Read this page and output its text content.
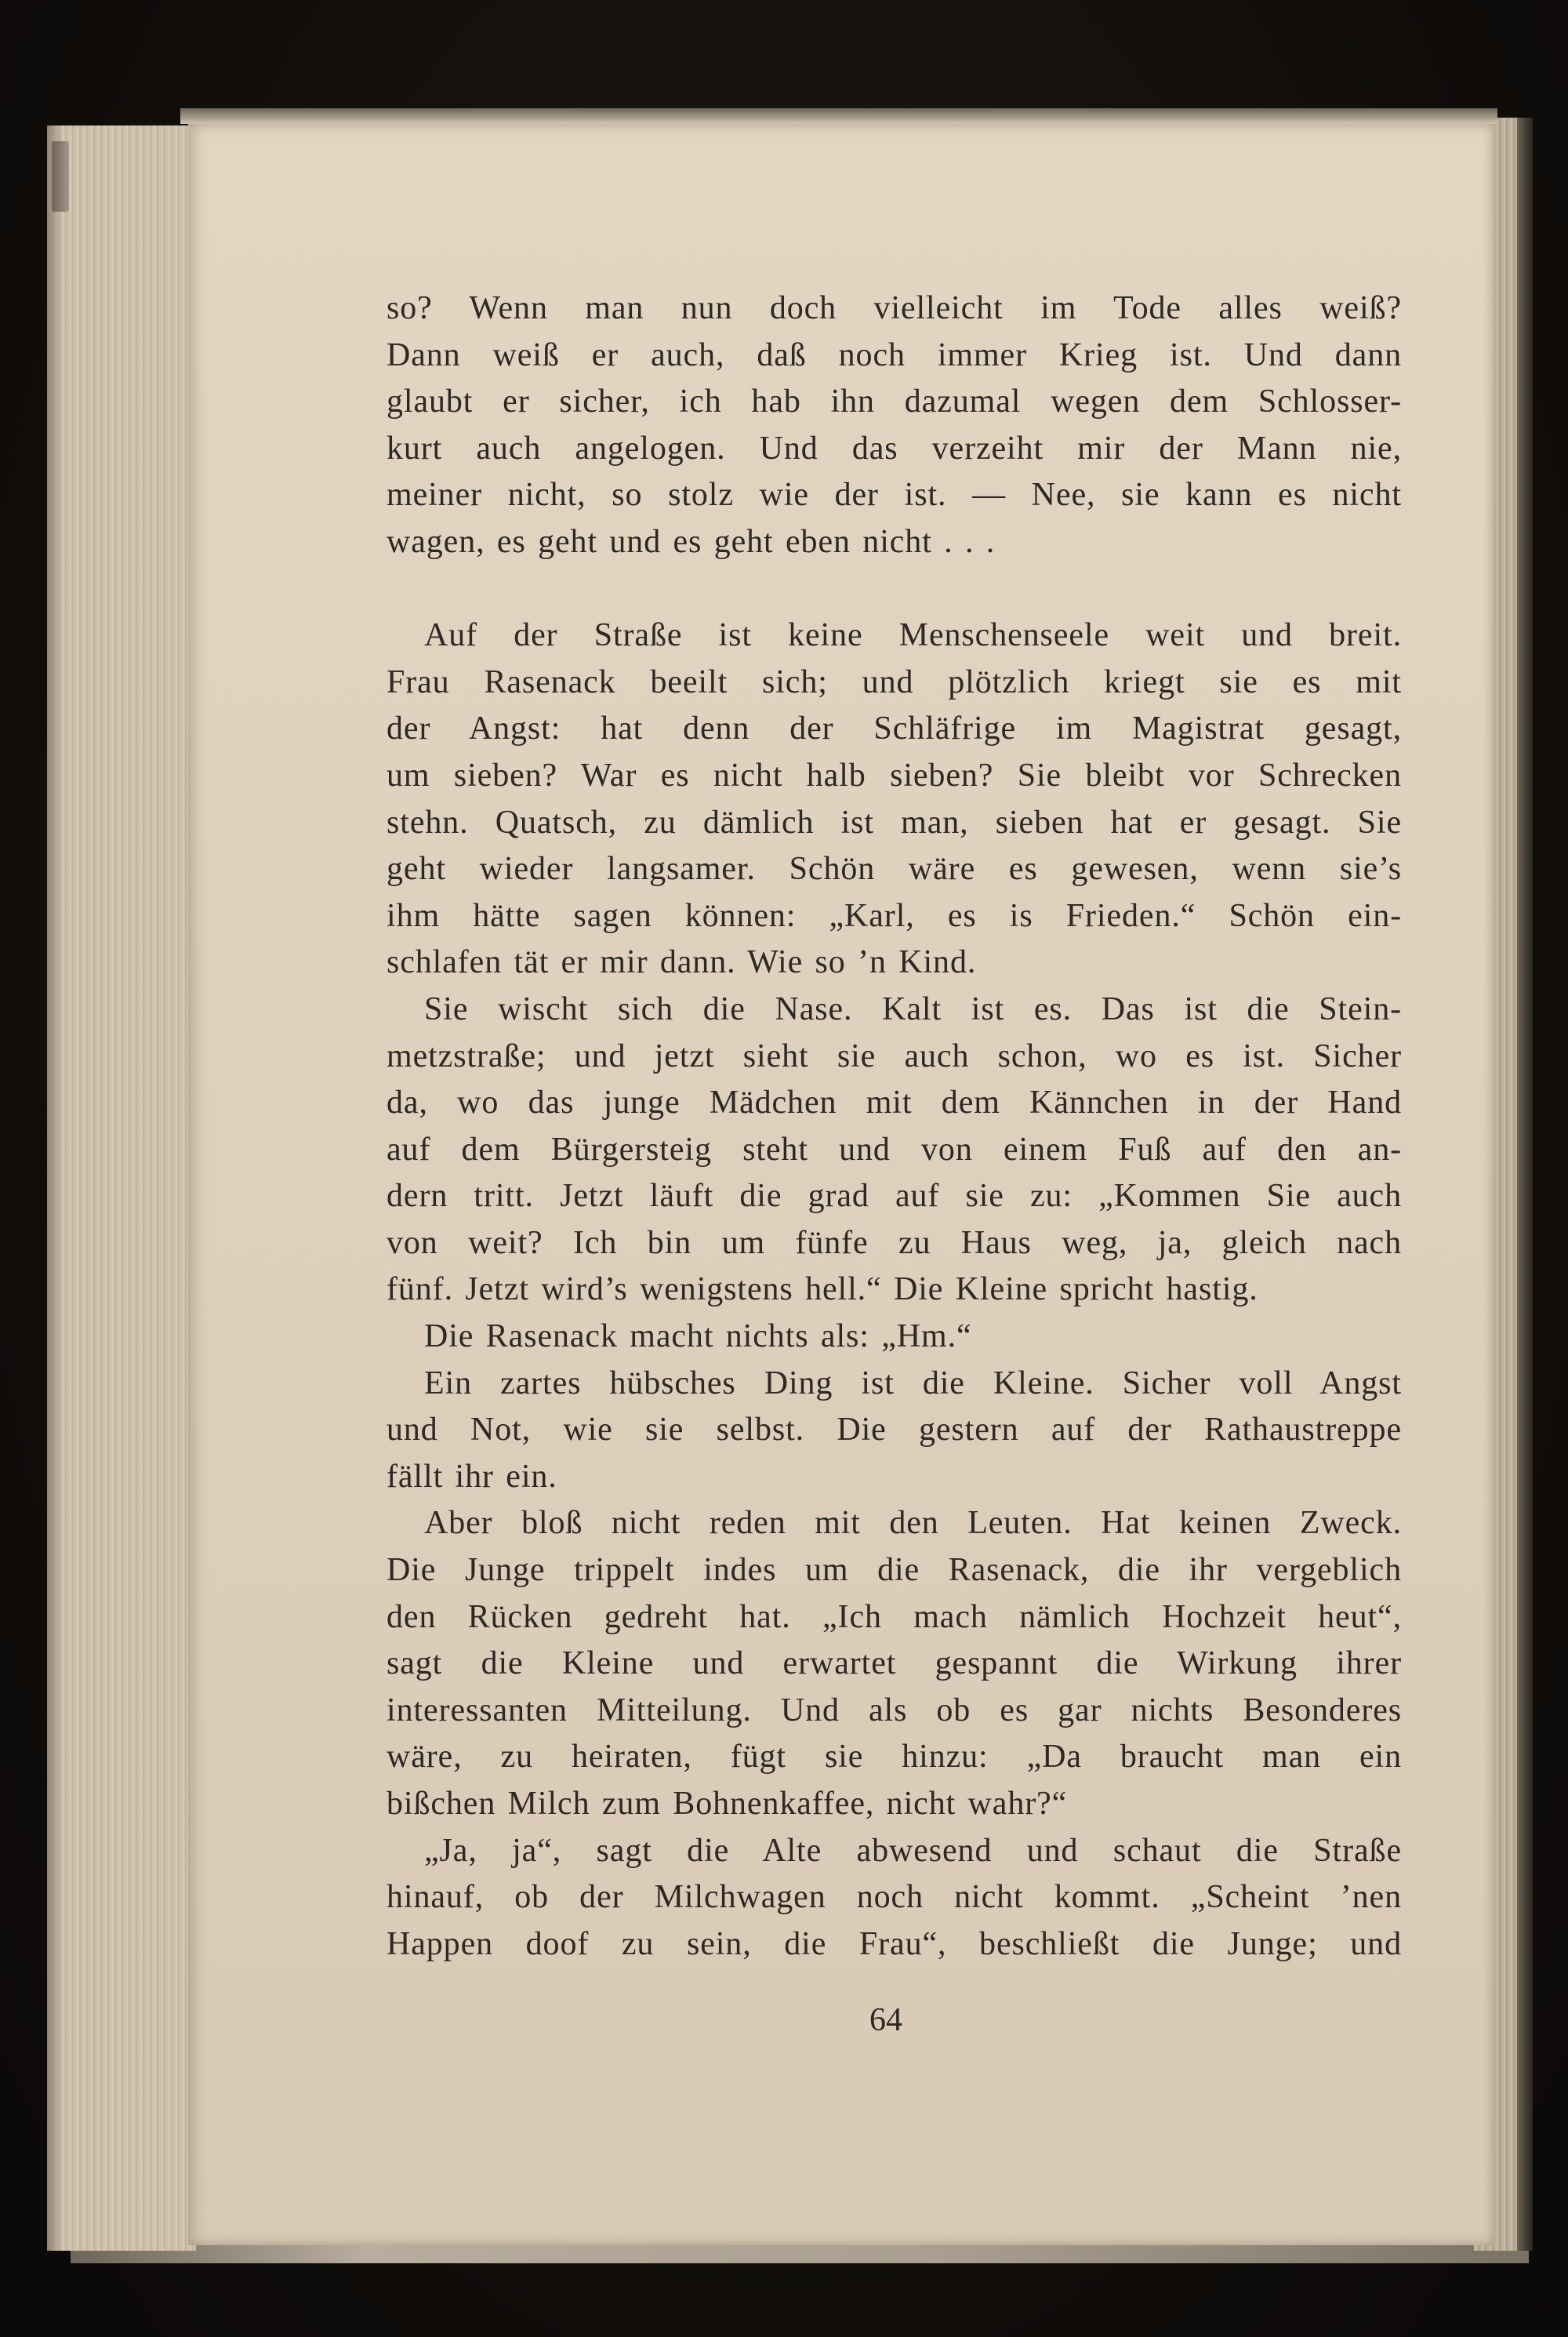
so? Wenn man nun doch vielleicht im Tode alles weiß?
Dann weiß er auch, daß noch immer Krieg ist. Und dann
glaubt er sicher, ich hab ihn dazumal wegen dem Schlosser-
kurt auch angelogen. Und das verzeiht mir der Mann nie,
meiner nicht, so stolz wie der ist. — Nee, sie kann es nicht
wagen, es geht und es geht eben nicht . . .
Auf der Straße ist keine Menschenseele weit und breit.
Frau Rasenack beeilt sich; und plötzlich kriegt sie es mit
der Angst: hat denn der Schläfrige im Magistrat gesagt,
um sieben? War es nicht halb sieben? Sie bleibt vor Schrecken
stehn. Quatsch, zu dämlich ist man, sieben hat er gesagt. Sie
geht wieder langsamer. Schön wäre es gewesen, wenn sie’s
ihm hätte sagen können: „Karl, es is Frieden.“ Schön ein-
schlafen tät er mir dann. Wie so ’n Kind.
Sie wischt sich die Nase. Kalt ist es. Das ist die Stein-
metzstraße; und jetzt sieht sie auch schon, wo es ist. Sicher
da, wo das junge Mädchen mit dem Kännchen in der Hand
auf dem Bürgersteig steht und von einem Fuß auf den an-
dern tritt. Jetzt läuft die grad auf sie zu: „Kommen Sie auch
von weit? Ich bin um fünfe zu Haus weg, ja, gleich nach
fünf. Jetzt wird’s wenigstens hell.“ Die Kleine spricht hastig.
Die Rasenack macht nichts als: „Hm.“
Ein zartes hübsches Ding ist die Kleine. Sicher voll Angst
und Not, wie sie selbst. Die gestern auf der Rathaustreppe
fällt ihr ein.
Aber bloß nicht reden mit den Leuten. Hat keinen Zweck.
Die Junge trippelt indes um die Rasenack, die ihr vergeblich
den Rücken gedreht hat. „Ich mach nämlich Hochzeit heut“,
sagt die Kleine und erwartet gespannt die Wirkung ihrer
interessanten Mitteilung. Und als ob es gar nichts Besonderes
wäre, zu heiraten, fügt sie hinzu: „Da braucht man ein
bißchen Milch zum Bohnenkaffee, nicht wahr?“
„Ja, ja“, sagt die Alte abwesend und schaut die Straße
hinauf, ob der Milchwagen noch nicht kommt. „Scheint ’nen
Happen doof zu sein, die Frau“, beschließt die Junge; und
64
